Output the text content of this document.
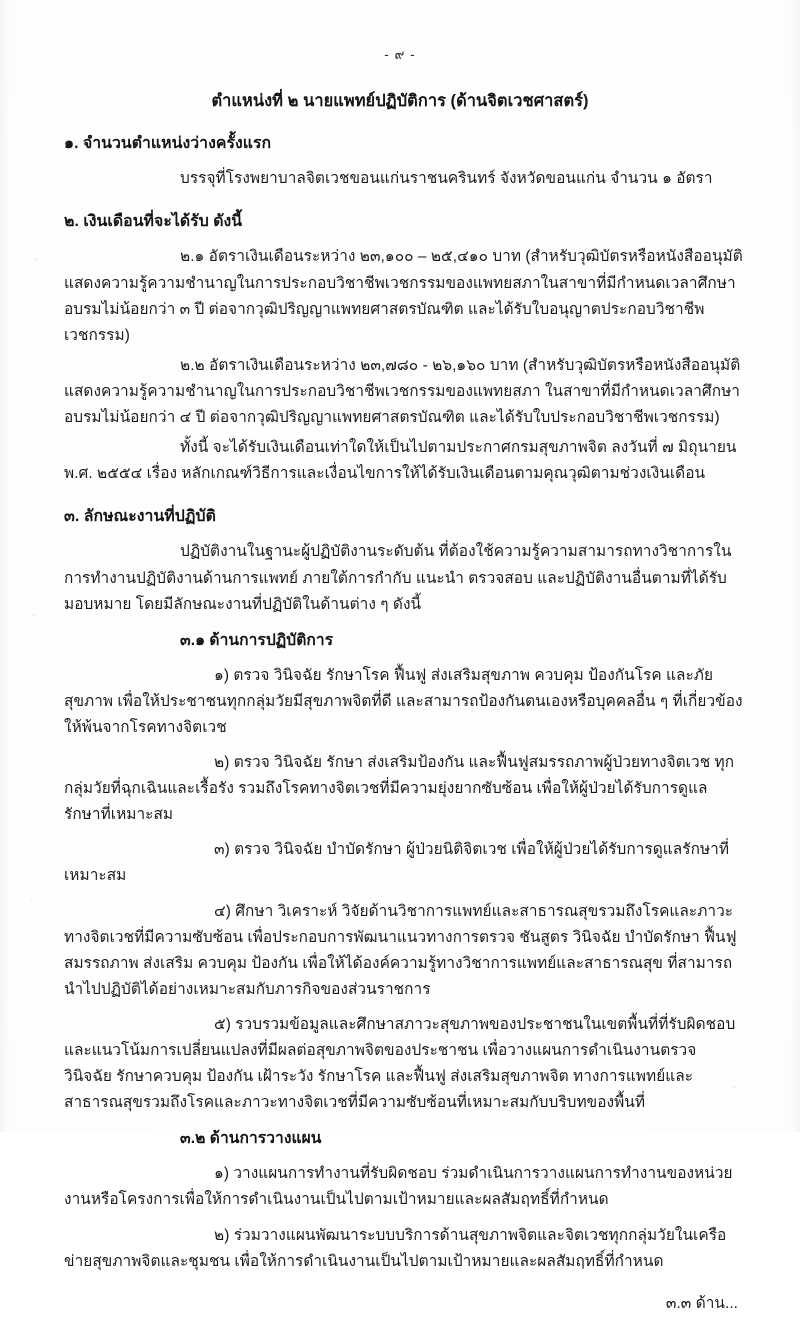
- ๙ -
ตำแหน่งที่ ๒ นายแพทย์ปฏิบัติการ (ด้านจิตเวชศาสตร์)
๑. จำนวนตำแหน่งว่างครั้งแรก
บรรจุที่โรงพยาบาลจิตเวชขอนแก่นราชนครินทร์ จังหวัดขอนแก่น จำนวน ๑ อัตรา
๒. เงินเดือนที่จะได้รับ ดังนี้
๒.๑ อัตราเงินเดือนระหว่าง ๒๓,๑๐๐ – ๒๕,๔๑๐ บาท (สำหรับวุฒิบัตรหรือหนังสืออนุมัติแสดงความรู้ความชำนาญในการประกอบวิชาชีพเวชกรรมของแพทยสภาในสาขาที่มีกำหนดเวลาศึกษาอบรมไม่น้อยกว่า ๓ ปี ต่อจากวุฒิปริญญาแพทยศาสตรบัณฑิต และได้รับใบอนุญาตประกอบวิชาชีพเวชกรรม)
๒.๒ อัตราเงินเดือนระหว่าง ๒๓,๗๘๐ - ๒๖,๑๖๐ บาท (สำหรับวุฒิบัตรหรือหนังสืออนุมัติแสดงความรู้ความชำนาญในการประกอบวิชาชีพเวชกรรมของแพทยสภา ในสาขาที่มีกำหนดเวลาศึกษาอบรมไม่น้อยกว่า ๔ ปี ต่อจากวุฒิปริญญาแพทยศาสตรบัณฑิต และได้รับใบประกอบวิชาชีพเวชกรรม)
ทั้งนี้ จะได้รับเงินเดือนเท่าใดให้เป็นไปตามประกาศกรมสุขภาพจิต ลงวันที่ ๗ มิถุนายน พ.ศ. ๒๕๕๔ เรื่อง หลักเกณฑ์วิธีการและเงื่อนไขการให้ได้รับเงินเดือนตามคุณวุฒิตามช่วงเงินเดือน
๓. ลักษณะงานที่ปฏิบัติ
ปฏิบัติงานในฐานะผู้ปฏิบัติงานระดับต้น ที่ต้องใช้ความรู้ความสามารถทางวิชาการในการทำงานปฏิบัติงานด้านการแพทย์ ภายใต้การกำกับ แนะนำ ตรวจสอบ และปฏิบัติงานอื่นตามที่ได้รับมอบหมาย โดยมีลักษณะงานที่ปฏิบัติในด้านต่าง ๆ ดังนี้
๓.๑ ด้านการปฏิบัติการ
๑) ตรวจ วินิจฉัย รักษาโรค ฟื้นฟู ส่งเสริมสุขภาพ ควบคุม ป้องกันโรค และภัยสุขภาพ เพื่อให้ประชาชนทุกกลุ่มวัยมีสุขภาพจิตที่ดี และสามารถป้องกันตนเองหรือบุคคลอื่น ๆ ที่เกี่ยวข้องให้พ้นจากโรคทางจิตเวช
๒) ตรวจ วินิจฉัย รักษา ส่งเสริมป้องกัน และฟื้นฟูสมรรถภาพผู้ป่วยทางจิตเวช ทุกกลุ่มวัยที่ฉุกเฉินและเรื้อรัง รวมถึงโรคทางจิตเวชที่มีความยุ่งยากซับซ้อน เพื่อให้ผู้ป่วยได้รับการดูแลรักษาที่เหมาะสม
๓) ตรวจ วินิจฉัย บำบัดรักษา ผู้ป่วยนิติจิตเวช เพื่อให้ผู้ป่วยได้รับการดูแลรักษาที่เหมาะสม
๔) ศึกษา วิเคราะห์ วิจัยด้านวิชาการแพทย์และสาธารณสุขรวมถึงโรคและภาวะทางจิตเวชที่มีความซับซ้อน เพื่อประกอบการพัฒนาแนวทางการตรวจ ชันสูตร วินิจฉัย บำบัดรักษา ฟื้นฟูสมรรถภาพ ส่งเสริม ควบคุม ป้องกัน เพื่อให้ได้องค์ความรู้ทางวิชาการแพทย์และสาธารณสุข ที่สามารถนำไปปฏิบัติได้อย่างเหมาะสมกับภารกิจของส่วนราชการ
๕) รวบรวมข้อมูลและศึกษาสภาวะสุขภาพของประชาชนในเขตพื้นที่ที่รับผิดชอบและแนวโน้มการเปลี่ยนแปลงที่มีผลต่อสุขภาพจิตของประชาชน เพื่อวางแผนการดำเนินงานตรวจ วินิจฉัย รักษาควบคุม ป้องกัน เฝ้าระวัง รักษาโรค และฟื้นฟู ส่งเสริมสุขภาพจิต ทางการแพทย์และสาธารณสุขรวมถึงโรคและภาวะทางจิตเวชที่มีความซับซ้อนที่เหมาะสมกับบริบทของพื้นที่
๓.๒ ด้านการวางแผน
๑) วางแผนการทำงานที่รับผิดชอบ ร่วมดำเนินการวางแผนการทำงานของหน่วยงานหรือโครงการเพื่อให้การดำเนินงานเป็นไปตามเป้าหมายและผลสัมฤทธิ์ที่กำหนด
๒) ร่วมวางแผนพัฒนาระบบบริการด้านสุขภาพจิตและจิตเวชทุกกลุ่มวัยในเครือข่ายสุขภาพจิตและชุมชน เพื่อให้การดำเนินงานเป็นไปตามเป้าหมายและผลสัมฤทธิ์ที่กำหนด
๓.๓ ด้าน...
